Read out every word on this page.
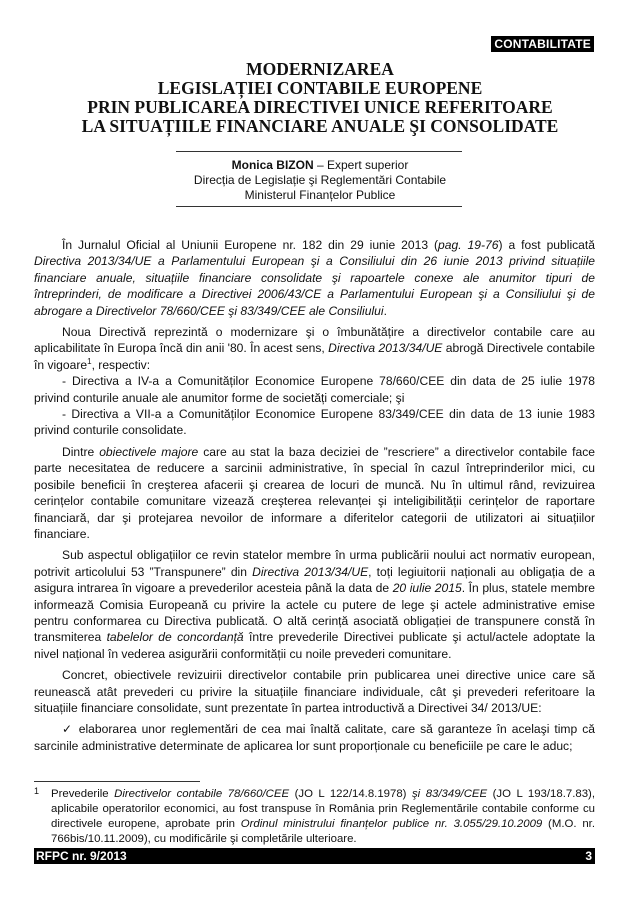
CONTABILITATE
MODERNIZAREA
LEGISLAȚIEI CONTABILE EUROPENE
PRIN PUBLICAREA DIRECTIVEI UNICE REFERITOARE
LA SITUAȚIILE FINANCIARE ANUALE ŞI CONSOLIDATE
Monica BIZON – Expert superior
Direcția de Legislație şi Reglementări Contabile
Ministerul Finanțelor Publice

În Jurnalul Oficial al Uniunii Europene nr. 182 din 29 iunie 2013 (pag. 19-76) a fost publicată Directiva 2013/34/UE a Parlamentului European şi a Consiliului din 26 iunie 2013 privind situațiile financiare anuale, situațiile financiare consolidate şi rapoartele conexe ale anumitor tipuri de întreprinderi, de modificare a Directivei 2006/43/CE a Parlamentului European şi a Consiliului şi de abrogare a Directivelor 78/660/CEE şi 83/349/CEE ale Consiliului.

Noua Directivă reprezintă o modernizare şi o îmbunătățire a directivelor contabile care au aplicabilitate în Europa încă din anii '80. În acest sens, Directiva 2013/34/UE abrogă Directivele contabile în vigoare$^1$, respectiv:

- Directiva a IV-a a Comunităților Economice Europene 78/660/CEE din data de 25 iulie 1978 privind conturile anuale ale anumitor forme de societăți comerciale; şi

- Directiva a VII-a a Comunităților Economice Europene 83/349/CEE din data de 13 iunie 1983 privind conturile consolidate.

Dintre obiectivele majore care au stat la baza deciziei de ”rescriere” a directivelor contabile face parte necesitatea de reducere a sarcinii administrative, în special în cazul întreprinderilor mici, cu posibile beneficii în creşterea afacerii şi crearea de locuri de muncă. Nu în ultimul rând, revizuirea cerințelor contabile comunitare vizează creşterea relevanței şi inteligibilității cerințelor de raportare financiară, dar şi protejarea nevoilor de informare a diferitelor categorii de utilizatori ai situațiilor financiare.

Sub aspectul obligațiilor ce revin statelor membre în urma publicării noului act normativ european, potrivit articolului 53 ”Transpunere” din Directiva 2013/34/UE, toți legiuitorii naționali au obligația de a asigura intrarea în vigoare a prevederilor acesteia până la data de 20 iulie 2015. În plus, statele membre informează Comisia Europeană cu privire la actele cu putere de lege şi actele administrative emise pentru conformarea cu Directiva publicată. O altă cerință asociată obligației de transpunere constă în transmiterea tabelelor de concordanță între prevederile Directivei publicate şi actul/actele adoptate la nivel național în vederea asigurării conformității cu noile prevederi comunitare.

Concret, obiectivele revizuirii directivelor contabile prin publicarea unei directive unice care să reunească atât prevederi cu privire la situațiile financiare individuale, cât şi prevederi referitoare la situațiile financiare consolidate, sunt prezentate în partea introductivă a Directivei 34/ 2013/UE:

✓ elaborarea unor reglementări de cea mai înaltă calitate, care să garanteze în acelaşi timp că sarcinile administrative determinate de aplicarea lor sunt proporționale cu beneficiile pe care le aduc;

1 Prevederile Directivelor contabile 78/660/CEE (JO L 122/14.8.1978) şi 83/349/CEE (JO L 193/18.7.83), aplicabile operatorilor economici, au fost transpuse în România prin Reglementările contabile conforme cu directivele europene, aprobate prin Ordinul ministrului finanțelor publice nr. 3.055/29.10.2009 (M.O. nr. 766bis/10.11.2009), cu modificările şi completările ulterioare.
RFPC nr. 9/2013	3
